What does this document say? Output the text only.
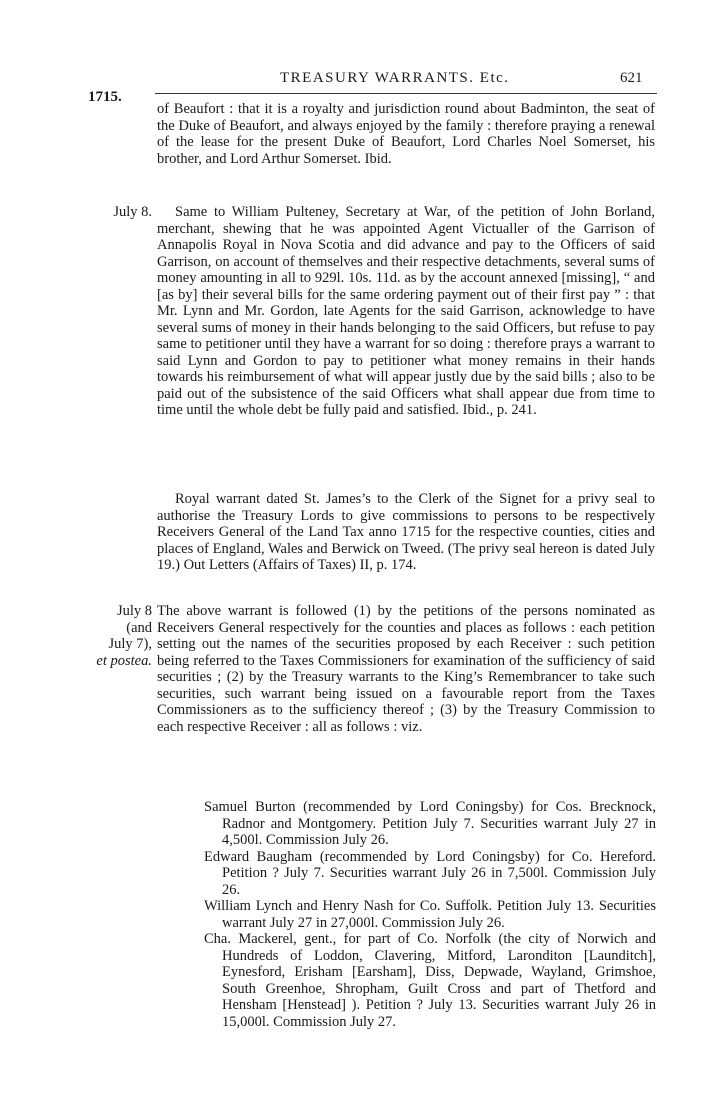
TREASURY WARRANTS. Etc.	621
1715.

of Beaufort : that it is a royalty and jurisdiction round about Badminton, the seat of the Duke of Beaufort, and always enjoyed by the family : therefore praying a renewal of the lease for the present Duke of Beaufort, Lord Charles Noel Somerset, his brother, and Lord Arthur Somerset. Ibid.

July 8.	Same to William Pulteney, Secretary at War, of the petition of John Borland, merchant, shewing that he was appointed Agent Victualler of the Garrison of Annapolis Royal in Nova Scotia and did advance and pay to the Officers of said Garrison, on account of themselves and their respective detachments, several sums of money amounting in all to 929l. 10s. 11d. as by the account annexed [missing], “ and [as by] their several bills for the same ordering payment out of their first pay ” : that Mr. Lynn and Mr. Gordon, late Agents for the said Garrison, acknowledge to have several sums of money in their hands belonging to the said Officers, but refuse to pay same to petitioner until they have a warrant for so doing : therefore prays a warrant to said Lynn and Gordon to pay to petitioner what money remains in their hands towards his reimbursement of what will appear justly due by the said bills ; also to be paid out of the subsistence of the said Officers what shall appear due from time to time until the whole debt be fully paid and satisfied. Ibid., p. 241.

Royal warrant dated St. James’s to the Clerk of the Signet for a privy seal to authorise the Treasury Lords to give commissions to persons to be respectively Receivers General of the Land Tax anno 1715 for the respective counties, cities and places of England, Wales and Berwick on Tweed. (The privy seal hereon is dated July 19.) Out Letters (Affairs of Taxes) II, p. 174.

July 8
(and
July 7),
et postea.

The above warrant is followed (1) by the petitions of the persons nominated as Receivers General respectively for the counties and places as follows : each petition setting out the names of the securities proposed by each Receiver : such petition being referred to the Taxes Commissioners for examination of the sufficiency of said securities ; (2) by the Treasury warrants to the King’s Remembrancer to take such securities, such warrant being issued on a favourable report from the Taxes Commissioners as to the sufficiency thereof ; (3) by the Treasury Commission to each respective Receiver : all as follows : viz.

Samuel Burton (recommended by Lord Coningsby) for Cos. Brecknock, Radnor and Montgomery. Petition July 7. Securities warrant July 27 in 4,500l. Commission July 26.

Edward Baugham (recommended by Lord Coningsby) for Co. Hereford. Petition ? July 7. Securities warrant July 26 in 7,500l. Commission July 26.

William Lynch and Henry Nash for Co. Suffolk. Petition July 13. Securities warrant July 27 in 27,000l. Commission July 26.

Cha. Mackerel, gent., for part of Co. Norfolk (the city of Norwich and Hundreds of Loddon, Clavering, Mitford, Laronditon [Launditch], Eynesford, Erisham [Earsham], Diss, Depwade, Wayland, Grimshoe, South Greenhoe, Shropham, Guilt Cross and part of Thetford and Hensham [Henstead] ). Petition ? July 13. Securities warrant July 26 in 15,000l. Commission July 27.
